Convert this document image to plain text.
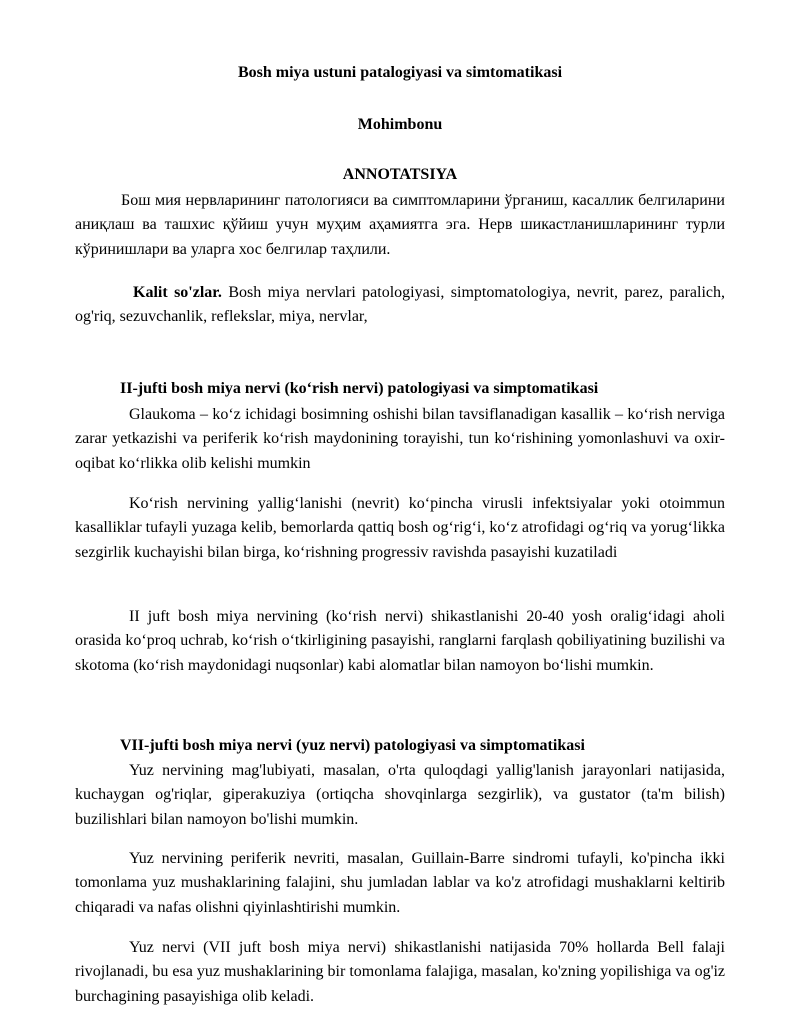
Bosh miya ustuni patalogiyasi va simtomatikasi
Mohimbonu
ANNOTATSIYA
Бош мия нервларининг патологияси ва симптомларини ўрганиш, касаллик белгиларини аниқлаш ва ташхис қўйиш учун муҳим аҳамиятга эга. Нерв шикастланишларининг турли кўринишлари ва уларга хос белгилар таҳлили.
Kalit so'zlar. Bosh miya nervlari patologiyasi, simptomatologiya, nevrit, parez, paralich, og'riq, sezuvchanlik, reflekslar, miya, nervlar,
II-jufti bosh miya nervi (ko‘rish nervi) patologiyasi va simptomatikasi
Glaukoma – ko‘z ichidagi bosimning oshishi bilan tavsiflanadigan kasallik – ko‘rish nerviga zarar yetkazishi va periferik ko‘rish maydonining torayishi, tun ko‘rishining yomonlashuvi va oxir-oqibat ko‘rlikka olib kelishi mumkin
Ko‘rish nervining yallig‘lanishi (nevrit) ko‘pincha virusli infektsiyalar yoki otoimmun kasalliklar tufayli yuzaga kelib, bemorlarda qattiq bosh og‘rig‘i, ko‘z atrofidagi og‘riq va yorug‘likka sezgirlik kuchayishi bilan birga, ko‘rishning progressiv ravishda pasayishi kuzatiladi
II juft bosh miya nervining (ko‘rish nervi) shikastlanishi 20-40 yosh oralig‘idagi aholi orasida ko‘proq uchrab, ko‘rish o‘tkirligining pasayishi, ranglarni farqlash qobiliyatining buzilishi va skotoma (ko‘rish maydonidagi nuqsonlar) kabi alomatlar bilan namoyon bo‘lishi mumkin.
VII-jufti bosh miya nervi (yuz nervi) patologiyasi va simptomatikasi
Yuz nervining mag'lubiyati, masalan, o'rta quloqdagi yallig'lanish jarayonlari natijasida, kuchaygan og'riqlar, giperakuziya (ortiqcha shovqinlarga sezgirlik), va gustator (ta'm bilish) buzilishlari bilan namoyon bo'lishi mumkin.
Yuz nervining periferik nevriti, masalan, Guillain-Barre sindromi tufayli, ko'pincha ikki tomonlama yuz mushaklarining falajini, shu jumladan lablar va ko'z atrofidagi mushaklarni keltirib chiqaradi va nafas olishni qiyinlashtirishi mumkin.
Yuz nervi (VII juft bosh miya nervi) shikastlanishi natijasida 70% hollarda Bell falaji rivojlanadi, bu esa yuz mushaklarining bir tomonlama falajiga, masalan, ko'zning yopilishiga va og'iz burchagining pasayishiga olib keladi.
